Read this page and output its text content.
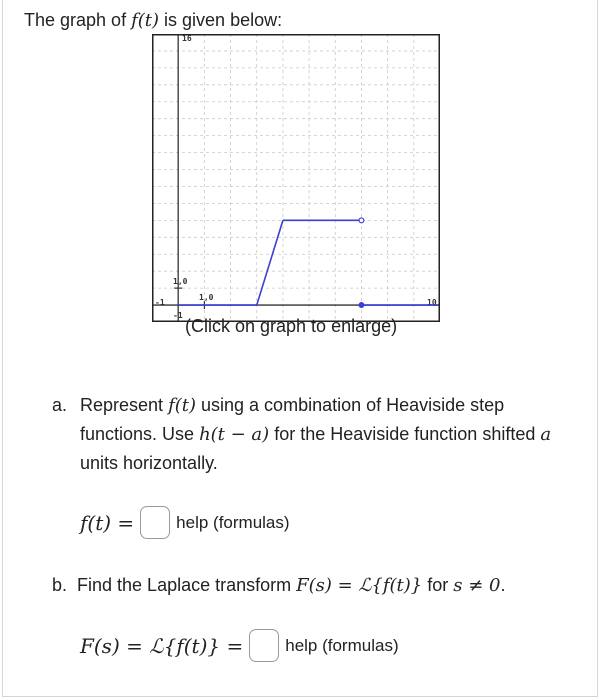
The graph of f(t) is given below:
16
10
-1
-1
1,0
1,0
(Click on graph to enlarge)
a. Represent f(t) using a combination of Heaviside step functions. Use h(t − a) for the Heaviside function shifted a units horizontally.
f(t) = help (formulas)
b. Find the Laplace transform F(s) = ℒ{f(t)} for s ≠ 0.
F(s) = ℒ{f(t)} = help (formulas)
